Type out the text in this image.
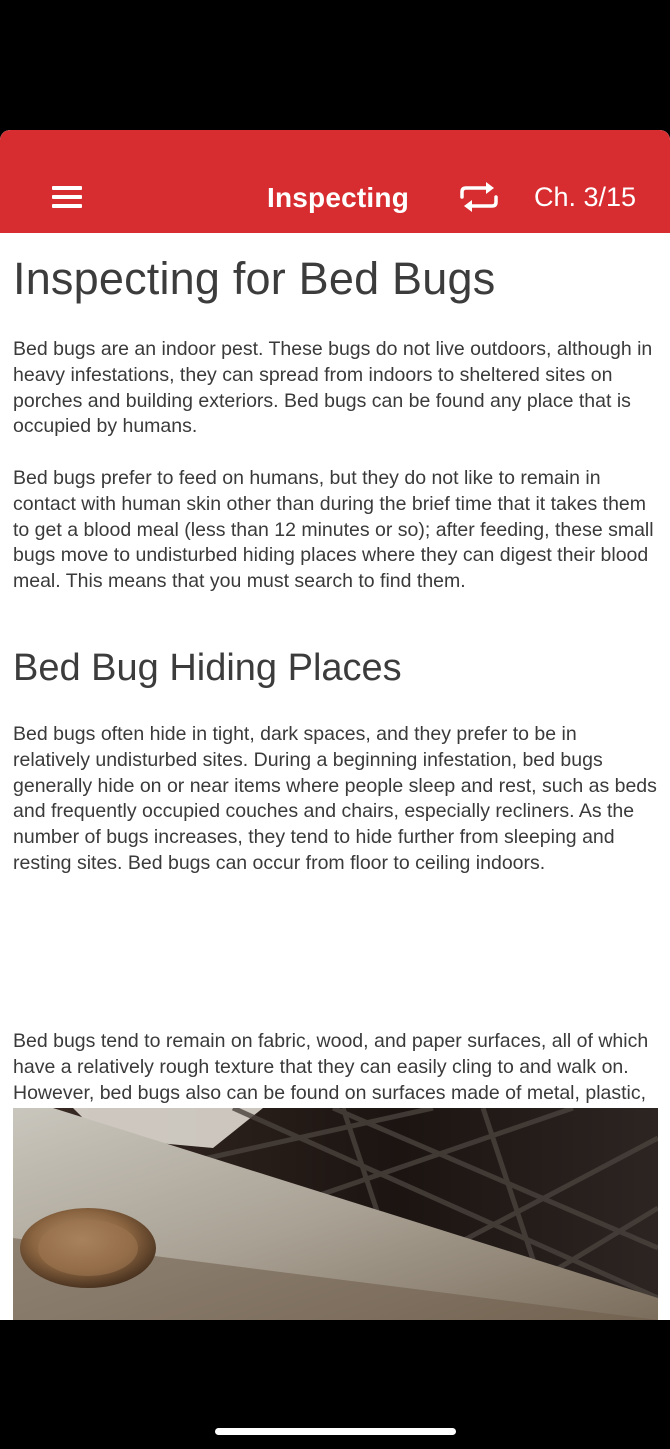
Inspecting	Ch. 3/15
Inspecting for Bed Bugs

Bed bugs are an indoor pest. These bugs do not live outdoors, although in heavy infestations, they can spread from indoors to sheltered sites on porches and building exteriors. Bed bugs can be found any place that is occupied by humans.

Bed bugs prefer to feed on humans, but they do not like to remain in contact with human skin other than during the brief time that it takes them to get a blood meal (less than 12 minutes or so); after feeding, these small bugs move to undisturbed hiding places where they can digest their blood meal. This means that you must search to find them.

Bed Bug Hiding Places

Bed bugs often hide in tight, dark spaces, and they prefer to be in relatively undisturbed sites. During a beginning infestation, bed bugs generally hide on or near items where people sleep and rest, such as beds and frequently occupied couches and chairs, especially recliners. As the number of bugs increases, they tend to hide further from sleeping and resting sites. Bed bugs can occur from floor to ceiling indoors.

Bed bugs tend to remain on fabric, wood, and paper surfaces, all of which have a relatively rough texture that they can easily cling to and walk on. However, bed bugs also can be found on surfaces made of metal, plastic,
